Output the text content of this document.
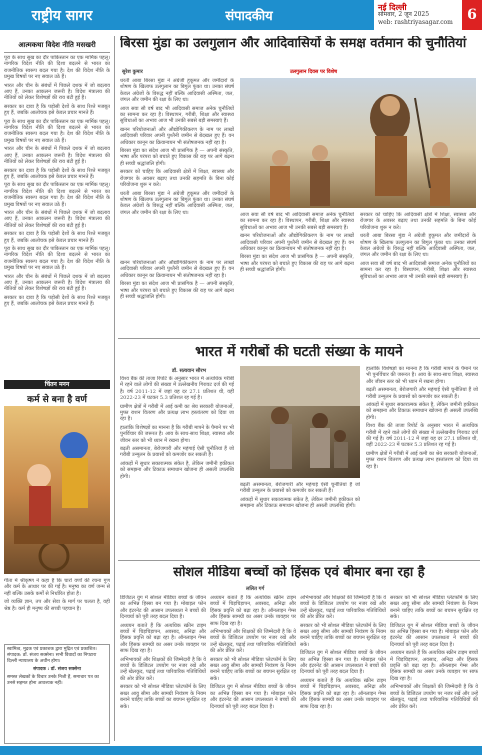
राष्ट्रीय सागर	संपादकीय
नई दिल्ली
सोमवार, 2 जून 2025
web: rashtriyasagar.com	6
आत्मकथा विदेश नीति मसखरी

पूरा के साथ सुख का दौर पाकिस्तान का एक मार्मिक पहलू। नागरिक विदेश नीति की दिशा बदलने से भारत का राजनीतिक स्वरूप बदल गया है। देश की विदेश नीति के प्रमुख विषयों पर नए सवाल उठे हैं।

भारत और चीन के संबंधों में पिछले दशक में जो बदलाव आए हैं, उनका आकलन जरूरी है। विदेश मंत्रालय की नीतियों को लेकर विशेषज्ञों की राय बंटी हुई है।

सरकार का दावा है कि पड़ोसी देशों के साथ रिश्ते मजबूत हुए हैं, जबकि आलोचक इसे केवल प्रचार मानते हैं।

पूरा के साथ सुख का दौर पाकिस्तान का एक मार्मिक पहलू। नागरिक विदेश नीति की दिशा बदलने से भारत का राजनीतिक स्वरूप बदल गया है। देश की विदेश नीति के प्रमुख विषयों पर नए सवाल उठे हैं।

भारत और चीन के संबंधों में पिछले दशक में जो बदलाव आए हैं, उनका आकलन जरूरी है। विदेश मंत्रालय की नीतियों को लेकर विशेषज्ञों की राय बंटी हुई है।

सरकार का दावा है कि पड़ोसी देशों के साथ रिश्ते मजबूत हुए हैं, जबकि आलोचक इसे केवल प्रचार मानते हैं।

पूरा के साथ सुख का दौर पाकिस्तान का एक मार्मिक पहलू। नागरिक विदेश नीति की दिशा बदलने से भारत का राजनीतिक स्वरूप बदल गया है। देश की विदेश नीति के प्रमुख विषयों पर नए सवाल उठे हैं।

भारत और चीन के संबंधों में पिछले दशक में जो बदलाव आए हैं, उनका आकलन जरूरी है। विदेश मंत्रालय की नीतियों को लेकर विशेषज्ञों की राय बंटी हुई है।

सरकार का दावा है कि पड़ोसी देशों के साथ रिश्ते मजबूत हुए हैं, जबकि आलोचक इसे केवल प्रचार मानते हैं।

पूरा के साथ सुख का दौर पाकिस्तान का एक मार्मिक पहलू। नागरिक विदेश नीति की दिशा बदलने से भारत का राजनीतिक स्वरूप बदल गया है। देश की विदेश नीति के प्रमुख विषयों पर नए सवाल उठे हैं।

भारत और चीन के संबंधों में पिछले दशक में जो बदलाव आए हैं, उनका आकलन जरूरी है। विदेश मंत्रालय की नीतियों को लेकर विशेषज्ञों की राय बंटी हुई है।

सरकार का दावा है कि पड़ोसी देशों के साथ रिश्ते मजबूत हुए हैं, जबकि आलोचक इसे केवल प्रचार मानते हैं।

बिरसा मुंडा का उलगुलान और आदिवासियों के समक्ष वर्तमान की चुनौतियां
सुरेश कुमार	उलगुलान दिवस पर विशेष

धरती आबा बिरसा मुंडा ने अंग्रेजी हुकूमत और जमींदारों के शोषण के खिलाफ उलगुलान का बिगुल फूंका था। उनका संघर्ष केवल अंग्रेजों के विरुद्ध नहीं बल्कि आदिवासी अस्मिता, जल, जंगल और जमीन की रक्षा के लिए था।

आज सवा सौ वर्ष बाद भी आदिवासी समाज अनेक चुनौतियों का सामना कर रहा है। विस्थापन, गरीबी, शिक्षा और स्वास्थ्य सुविधाओं का अभाव आज भी उनकी सबसे बड़ी समस्याएं हैं।

खनन परियोजनाओं और औद्योगिकीकरण के नाम पर लाखों आदिवासी परिवार अपनी पुश्तैनी जमीन से बेदखल हुए हैं। वन अधिकार कानून का क्रियान्वयन भी संतोषजनक नहीं रहा है।

बिरसा मुंडा का संदेश आज भी प्रासंगिक है — अपनी संस्कृति, भाषा और परंपरा को बचाते हुए विकास की राह पर आगे बढ़ना ही सच्ची श्रद्धांजलि होगी।

सरकार को चाहिए कि आदिवासी क्षेत्रों में शिक्षा, स्वास्थ्य और रोजगार के अवसर बढ़ाए तथा उनकी सहमति के बिना कोई परियोजना शुरू न करे।

धरती आबा बिरसा मुंडा ने अंग्रेजी हुकूमत और जमींदारों के शोषण के खिलाफ उलगुलान का बिगुल फूंका था। उनका संघर्ष केवल अंग्रेजों के विरुद्ध नहीं बल्कि आदिवासी अस्मिता, जल, जंगल और जमीन की रक्षा के लिए था।	आज सवा सौ वर्ष बाद भी आदिवासी समाज अनेक चुनौतियों का सामना कर रहा है। विस्थापन, गरीबी, शिक्षा और स्वास्थ्य सुविधाओं का अभाव आज भी उनकी सबसे बड़ी समस्याएं हैं।

खनन परियोजनाओं और औद्योगिकीकरण के नाम पर लाखों आदिवासी परिवार अपनी पुश्तैनी जमीन से बेदखल हुए हैं। वन अधिकार कानून का क्रियान्वयन भी संतोषजनक नहीं रहा है।

बिरसा मुंडा का संदेश आज भी प्रासंगिक है — अपनी संस्कृति, भाषा और परंपरा को बचाते हुए विकास की राह पर आगे बढ़ना ही सच्ची श्रद्धांजलि होगी।

सरकार को चाहिए कि आदिवासी क्षेत्रों में शिक्षा, स्वास्थ्य और रोजगार के अवसर बढ़ाए तथा उनकी सहमति के बिना कोई परियोजना शुरू न करे।

धरती आबा बिरसा मुंडा ने अंग्रेजी हुकूमत और जमींदारों के शोषण के खिलाफ उलगुलान का बिगुल फूंका था। उनका संघर्ष केवल अंग्रेजों के विरुद्ध नहीं बल्कि आदिवासी अस्मिता, जल, जंगल और जमीन की रक्षा के लिए था।

आज सवा सौ वर्ष बाद भी आदिवासी समाज अनेक चुनौतियों का सामना कर रहा है। विस्थापन, गरीबी, शिक्षा और स्वास्थ्य सुविधाओं का अभाव आज भी उनकी सबसे बड़ी समस्याएं हैं।

खनन परियोजनाओं और औद्योगिकीकरण के नाम पर लाखों आदिवासी परिवार अपनी पुश्तैनी जमीन से बेदखल हुए हैं। वन अधिकार कानून का क्रियान्वयन भी संतोषजनक नहीं रहा है।

बिरसा मुंडा का संदेश आज भी प्रासंगिक है — अपनी संस्कृति, भाषा और परंपरा को बचाते हुए विकास की राह पर आगे बढ़ना ही सच्ची श्रद्धांजलि होगी।

भारत में गरीबों की घटती संख्या के मायने
डॉ. सत्यवान सौरभ

विश्व बैंक की ताजा रिपोर्ट के अनुसार भारत में अत्यधिक गरीबी में रहने वाले लोगों की संख्या में उल्लेखनीय गिरावट दर्ज की गई है। वर्ष 2011-12 में जहां यह दर 27.1 प्रतिशत थी, वहीं 2022-23 में घटकर 5.3 प्रतिशत रह गई है।

ग्रामीण क्षेत्रों में गरीबी में आई कमी का श्रेय सरकारी योजनाओं, मुफ्त राशन वितरण और प्रत्यक्ष लाभ हस्तांतरण को दिया जा रहा है।

हालांकि विशेषज्ञों का मानना है कि गरीबी मापने के पैमाने पर भी पुनर्विचार की जरूरत है। आय के साथ-साथ शिक्षा, स्वास्थ्य और जीवन स्तर को भी ध्यान में रखना होगा।

बढ़ती असमानता, बेरोजगारी और महंगाई ऐसी चुनौतियां हैं जो गरीबी उन्मूलन के प्रयासों को कमजोर कर सकती हैं।

आंकड़ों में सुधार सकारात्मक संकेत है, लेकिन जमीनी हकीकत को समझना और टिकाऊ समाधान खोजना ही असली उपलब्धि होगी।

हालांकि विशेषज्ञों का मानना है कि गरीबी मापने के पैमाने पर भी पुनर्विचार की जरूरत है। आय के साथ-साथ शिक्षा, स्वास्थ्य और जीवन स्तर को भी ध्यान में रखना होगा।

बढ़ती असमानता, बेरोजगारी और महंगाई ऐसी चुनौतियां हैं जो गरीबी उन्मूलन के प्रयासों को कमजोर कर सकती हैं।

आंकड़ों में सुधार सकारात्मक संकेत है, लेकिन जमीनी हकीकत को समझना और टिकाऊ समाधान खोजना ही असली उपलब्धि होगी।

विश्व बैंक की ताजा रिपोर्ट के अनुसार भारत में अत्यधिक गरीबी में रहने वाले लोगों की संख्या में उल्लेखनीय गिरावट दर्ज की गई है। वर्ष 2011-12 में जहां यह दर 27.1 प्रतिशत थी, वहीं 2022-23 में घटकर 5.3 प्रतिशत रह गई है।

ग्रामीण क्षेत्रों में गरीबी में आई कमी का श्रेय सरकारी योजनाओं, मुफ्त राशन वितरण और प्रत्यक्ष लाभ हस्तांतरण को दिया जा रहा है।

बढ़ती असमानता, बेरोजगारी और महंगाई ऐसी चुनौतियां हैं जो गरीबी उन्मूलन के प्रयासों को कमजोर कर सकती हैं।

आंकड़ों में सुधार सकारात्मक संकेत है, लेकिन जमीनी हकीकत को समझना और टिकाऊ समाधान खोजना ही असली उपलब्धि होगी।

सोशल मीडिया बच्चों को हिंसक एवं बीमार बना रहा है
ललित गर्ग

डिजिटल युग में सोशल मीडिया बच्चों के जीवन का अभिन्न हिस्सा बन गया है। मोबाइल फोन और इंटरनेट की आसान उपलब्धता ने बच्चों की दिनचर्या को पूरी तरह बदल दिया है।

अध्ययन बताते हैं कि अत्यधिक स्क्रीन टाइम बच्चों में चिड़चिड़ापन, अवसाद, अनिद्रा और हिंसक प्रवृत्ति को बढ़ा रहा है। ऑनलाइन गेम्स और हिंसक सामग्री का असर उनके व्यवहार पर साफ दिख रहा है।

अभिभावकों और शिक्षकों की जिम्मेदारी है कि वे बच्चों के डिजिटल उपयोग पर नजर रखें और उन्हें खेलकूद, पढ़ाई तथा पारिवारिक गतिविधियों की ओर प्रेरित करें।

सरकार को भी सोशल मीडिया प्लेटफॉर्म के लिए सख्त आयु सीमा और सामग्री नियंत्रण के नियम बनाने चाहिए ताकि बच्चों का बचपन सुरक्षित रह सके।

अध्ययन बताते हैं कि अत्यधिक स्क्रीन टाइम बच्चों में चिड़चिड़ापन, अवसाद, अनिद्रा और हिंसक प्रवृत्ति को बढ़ा रहा है। ऑनलाइन गेम्स और हिंसक सामग्री का असर उनके व्यवहार पर साफ दिख रहा है।

अभिभावकों और शिक्षकों की जिम्मेदारी है कि वे बच्चों के डिजिटल उपयोग पर नजर रखें और उन्हें खेलकूद, पढ़ाई तथा पारिवारिक गतिविधियों की ओर प्रेरित करें।

सरकार को भी सोशल मीडिया प्लेटफॉर्म के लिए सख्त आयु सीमा और सामग्री नियंत्रण के नियम बनाने चाहिए ताकि बच्चों का बचपन सुरक्षित रह सके।

डिजिटल युग में सोशल मीडिया बच्चों के जीवन का अभिन्न हिस्सा बन गया है। मोबाइल फोन और इंटरनेट की आसान उपलब्धता ने बच्चों की दिनचर्या को पूरी तरह बदल दिया है।

अभिभावकों और शिक्षकों की जिम्मेदारी है कि वे बच्चों के डिजिटल उपयोग पर नजर रखें और उन्हें खेलकूद, पढ़ाई तथा पारिवारिक गतिविधियों की ओर प्रेरित करें।

सरकार को भी सोशल मीडिया प्लेटफॉर्म के लिए सख्त आयु सीमा और सामग्री नियंत्रण के नियम बनाने चाहिए ताकि बच्चों का बचपन सुरक्षित रह सके।

डिजिटल युग में सोशल मीडिया बच्चों के जीवन का अभिन्न हिस्सा बन गया है। मोबाइल फोन और इंटरनेट की आसान उपलब्धता ने बच्चों की दिनचर्या को पूरी तरह बदल दिया है।

अध्ययन बताते हैं कि अत्यधिक स्क्रीन टाइम बच्चों में चिड़चिड़ापन, अवसाद, अनिद्रा और हिंसक प्रवृत्ति को बढ़ा रहा है। ऑनलाइन गेम्स और हिंसक सामग्री का असर उनके व्यवहार पर साफ दिख रहा है।

सरकार को भी सोशल मीडिया प्लेटफॉर्म के लिए सख्त आयु सीमा और सामग्री नियंत्रण के नियम बनाने चाहिए ताकि बच्चों का बचपन सुरक्षित रह सके।

डिजिटल युग में सोशल मीडिया बच्चों के जीवन का अभिन्न हिस्सा बन गया है। मोबाइल फोन और इंटरनेट की आसान उपलब्धता ने बच्चों की दिनचर्या को पूरी तरह बदल दिया है।

अध्ययन बताते हैं कि अत्यधिक स्क्रीन टाइम बच्चों में चिड़चिड़ापन, अवसाद, अनिद्रा और हिंसक प्रवृत्ति को बढ़ा रहा है। ऑनलाइन गेम्स और हिंसक सामग्री का असर उनके व्यवहार पर साफ दिख रहा है।

अभिभावकों और शिक्षकों की जिम्मेदारी है कि वे बच्चों के डिजिटल उपयोग पर नजर रखें और उन्हें खेलकूद, पढ़ाई तथा पारिवारिक गतिविधियों की ओर प्रेरित करें।

चिंतन मनन
कर्म से बना है वर्ण

गीता में श्रीकृष्ण ने कहा है कि चारों वर्णों की रचना गुण और कर्म के आधार पर की गई है। मनुष्य का वर्ण जन्म से नहीं बल्कि उसके कर्मों से निर्धारित होता है।

जो व्यक्ति ज्ञान, तप और सेवा के मार्ग पर चलता है, वही श्रेष्ठ है। कर्म ही मनुष्य की सच्ची पहचान है।

स्वामित्व, मुद्रक एवं प्रकाशक द्वारा मुद्रित एवं प्रकाशित। संपादक: डॉ. संजय सक्सेना। सभी विवादों का निपटारा दिल्ली न्यायालय के अधीन होगा।
संपादक : डॉ. संजय सक्सेना
समस्त लेखकों के विचार उनके निजी हैं, समाचार पत्र का उनसे सहमत होना आवश्यक नहीं।
